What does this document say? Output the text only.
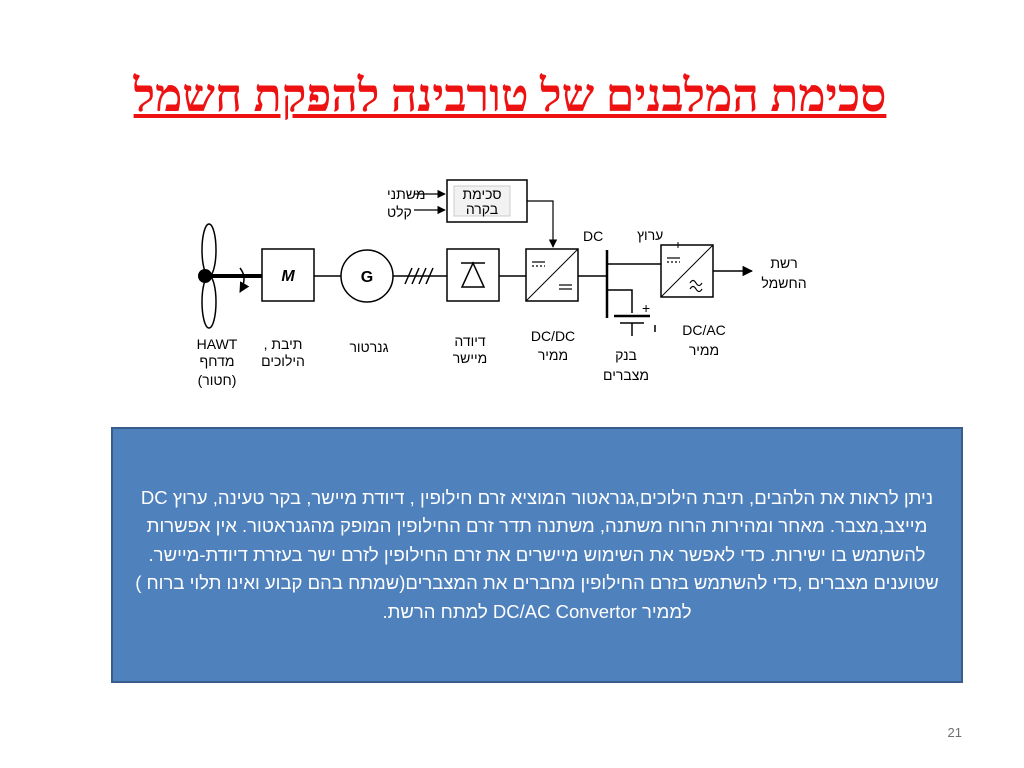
סכימת המלבנים של טורבינה להפקת חשמל
M	G
סכימת
בקרה
משתני
קלט
DC ערוץ
+
רשת
החשמל
HAWT
מדחף
(חטור)
תיבת ,
הילוכים
גנרטור	דיודה
מיישר
DC/DC
ממיר	בנק
מצברים
DC/AC
ממיר

ניתן לראות את הלהבים, תיבת הילוכים,גנראטור המוציא זרם חילופין , דיודת מיישר, בקר טעינה, ערוץ DC מייצב,מצבר. מאחר ומהירות הרוח משתנה, משתנה תדר זרם החילופין המופק מהגנראטור. אין אפשרות להשתמש בו ישירות. כדי לאפשר את השימוש מיישרים את זרם החילופין לזרם ישר בעזרת דיודת-מיישר. שטוענים מצברים ,כדי להשתמש בזרם החילופין מחברים את המצברים(שמתח בהם קבוע ואינו תלוי ברוח ) לממיר DC/AC Convertor למתח הרשת.

21
